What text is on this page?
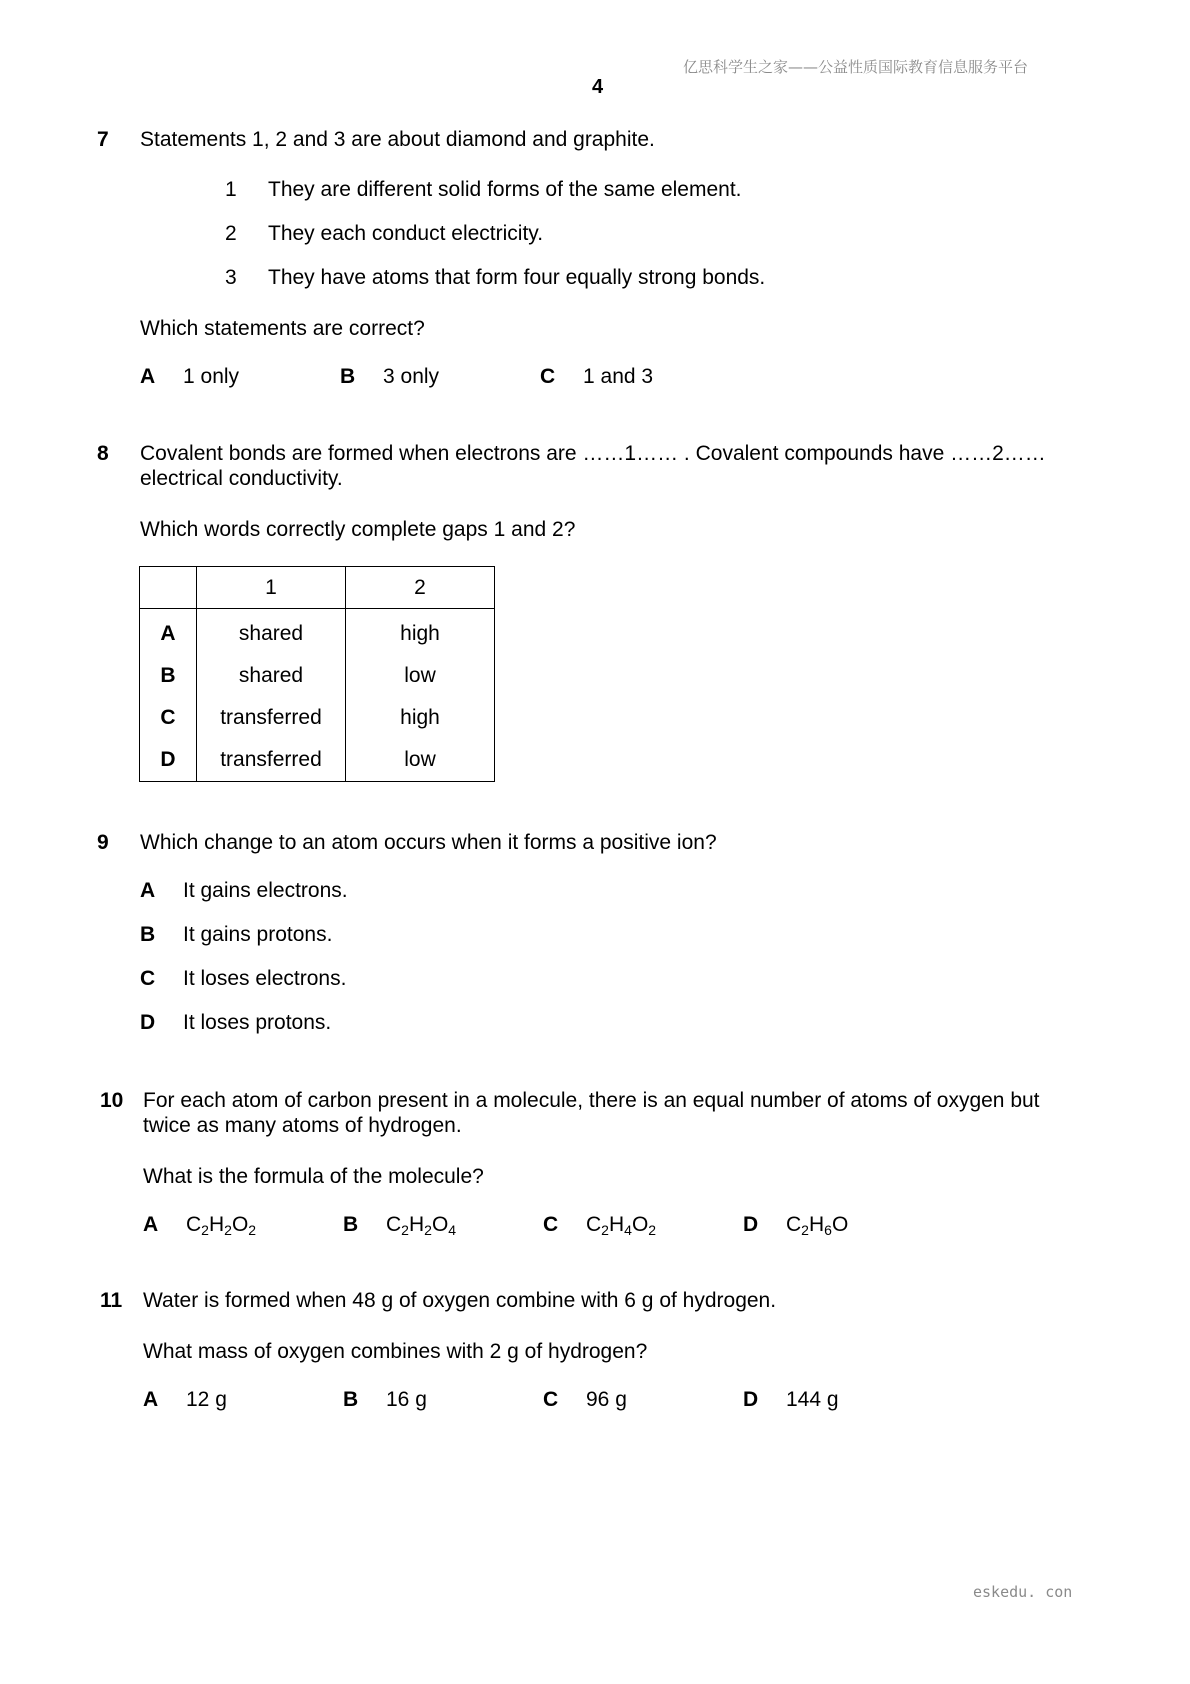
亿思科学生之家——公益性质国际教育信息服务平台
4
7 Statements 1, 2 and 3 are about diamond and graphite.
1 They are different solid forms of the same element.
2 They each conduct electricity.
3 They have atoms that form four equally strong bonds.
Which statements are correct?
A 1 only	B 3 only	C 1 and 3
8 Covalent bonds are formed when electrons are ……1…… . Covalent compounds have ……2……
electrical conductivity.
Which words correctly complete gaps 1 and 2?
	1	2
A	shared	high
B	shared	low
C	transferred	high
D	transferred	low
9 Which change to an atom occurs when it forms a positive ion?
A It gains electrons.
B It gains protons.
C It loses electrons.
D It loses protons.
10 For each atom of carbon present in a molecule, there is an equal number of atoms of oxygen but
twice as many atoms of hydrogen.
What is the formula of the molecule?
A $C_2H_2O_2$	B $C_2H_2O_4$	C $C_2H_4O_2$	D $C_2H_6O$
11 Water is formed when 48 g of oxygen combine with 6 g of hydrogen.
What mass of oxygen combines with 2 g of hydrogen?
A 12 g	B 16 g	C 96 g	D 144 g
eskedu. con
